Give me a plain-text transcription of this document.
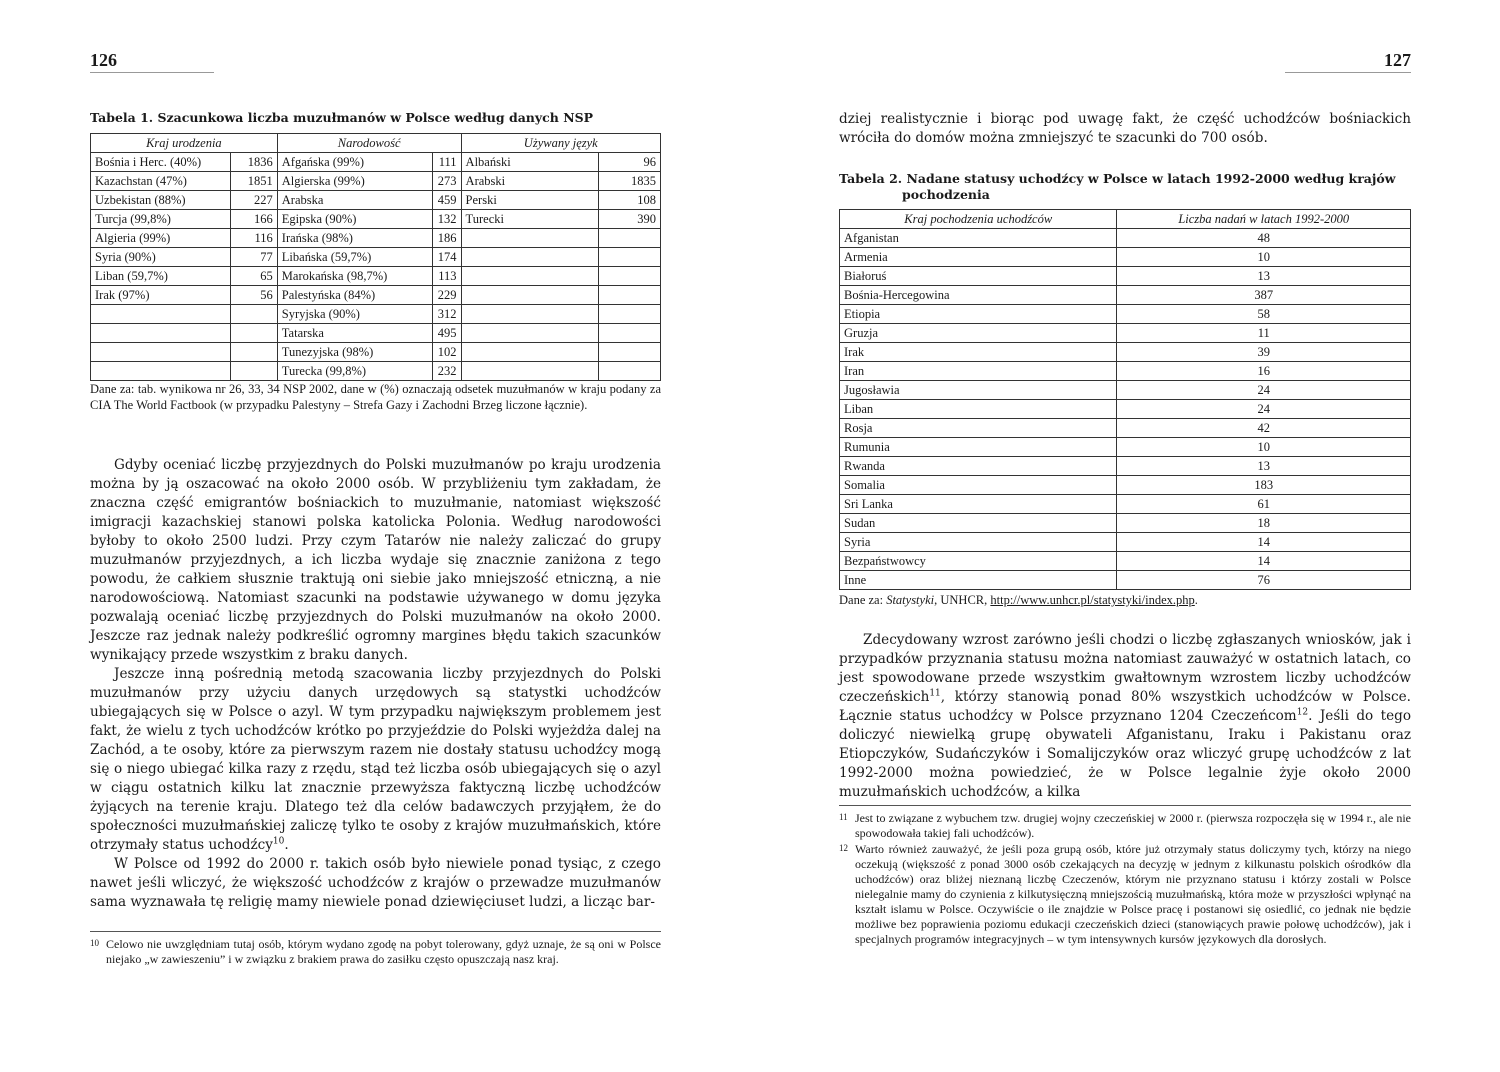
126
Tabela 1. Szacunkowa liczba muzułmanów w Polsce według danych NSP
Kraj urodzenia		Narodowość		Używany język	
Bośnia i Herc. (40%)	1836	Afgańska (99%)	111	Albański	96
Kazachstan (47%)	1851	Algierska (99%)	273	Arabski	1835
Uzbekistan (88%)	227	Arabska	459	Perski	108
Turcja (99,8%)	166	Egipska (90%)	132	Turecki	390
Algieria (99%)	116	Irańska (98%)	186		
Syria (90%)	77	Libańska (59,7%)	174		
Liban (59,7%)	65	Marokańska (98,7%)	113		
Irak (97%)	56	Palestyńska (84%)	229		
		Syryjska (90%)	312		
		Tatarska	495		
		Tunezyjska (98%)	102		
		Turecka (99,8%)	232		
Dane za: tab. wynikowa nr 26, 33, 34 NSP 2002, dane w (%) oznaczają odsetek muzułmanów w kraju podany za CIA The World Factbook (w przypadku Palestyny – Strefa Gazy i Zachodni Brzeg liczone łącznie).

Gdyby oceniać liczbę przyjezdnych do Polski muzułmanów po kraju urodzenia można by ją oszacować na około 2000 osób. W przybliżeniu tym zakładam, że znaczna część emigrantów bośniackich to muzułmanie, natomiast większość imigracji kazachskiej stanowi polska katolicka Polonia. Według narodowości byłoby to około 2500 ludzi. Przy czym Tatarów nie należy zaliczać do grupy muzułmanów przyjezdnych, a ich liczba wydaje się znacznie zaniżona z tego powodu, że całkiem słusznie traktują oni siebie jako mniejszość etniczną, a nie narodowościową. Natomiast szacunki na podstawie używanego w domu języka pozwalają oceniać liczbę przyjezdnych do Polski muzułmanów na około 2000. Jeszcze raz jednak należy podkreślić ogromny margines błędu takich szacunków wynikający przede wszystkim z braku danych.

Jeszcze inną pośrednią metodą szacowania liczby przyjezdnych do Polski muzułmanów przy użyciu danych urzędowych są statystki uchodźców ubiegających się w Polsce o azyl. W tym przypadku największym problemem jest fakt, że wielu z tych uchodźców krótko po przyjeździe do Polski wyjeżdża dalej na Zachód, a te osoby, które za pierwszym razem nie dostały statusu uchodźcy mogą się o niego ubiegać kilka razy z rzędu, stąd też liczba osób ubiegających się o azyl w ciągu ostatnich kilku lat znacznie przewyższa faktyczną liczbę uchodźców żyjących na terenie kraju. Dlatego też dla celów badawczych przyjąłem, że do społeczności muzułmańskiej zaliczę tylko te osoby z krajów muzułmańskich, które otrzymały status uchodźcy$^{10}$.

W Polsce od 1992 do 2000 r. takich osób było niewiele ponad tysiąc, z czego nawet jeśli wliczyć, że większość uchodźców z krajów o przewadze muzułmanów sama wyznawała tę religię mamy niewiele ponad dziewięciuset ludzi, a licząc bar-

10 Celowo nie uwzględniam tutaj osób, którym wydano zgodę na pobyt tolerowany, gdyż uznaje, że są oni w Polsce niejako „w zawieszeniu” i w związku z brakiem prawa do zasiłku często opuszczają nasz kraj.
127

dziej realistycznie i biorąc pod uwagę fakt, że część uchodźców bośniackich wróciła do domów można zmniejszyć te szacunki do 700 osób.

Tabela 2. Nadane statusy uchodźcy w Polsce w latach 1992-2000 według krajów
pochodzenia
Kraj pochodzenia uchodźców	Liczba nadań w latach 1992-2000
Afganistan	48
Armenia	10
Białoruś	13
Bośnia-Hercegowina	387
Etiopia	58
Gruzja	11
Irak	39
Iran	16
Jugosławia	24
Liban	24
Rosja	42
Rumunia	10
Rwanda	13
Somalia	183
Sri Lanka	61
Sudan	18
Syria	14
Bezpaństwowcy	14
Inne	76
Dane za: Statystyki, UNHCR, http://www.unhcr.pl/statystyki/index.php.

Zdecydowany wzrost zarówno jeśli chodzi o liczbę zgłaszanych wniosków, jak i przypadków przyznania statusu można natomiast zauważyć w ostatnich latach, co jest spowodowane przede wszystkim gwałtownym wzrostem liczby uchodźców czeczeńskich$^{11}$, którzy stanowią ponad 80% wszystkich uchodźców w Polsce. Łącznie status uchodźcy w Polsce przyznano 1204 Czeczeńcom$^{12}$. Jeśli do tego doliczyć niewielką grupę obywateli Afganistanu, Iraku i Pakistanu oraz Etiopczyków, Sudańczyków i Somalijczyków oraz wliczyć grupę uchodźców z lat 1992-2000 można powiedzieć, że w Polsce legalnie żyje około 2000 muzułmańskich uchodźców, a kilka

11 Jest to związane z wybuchem tzw. drugiej wojny czeczeńskiej w 2000 r. (pierwsza rozpoczęła się w 1994 r., ale nie spowodowała takiej fali uchodźców).
12 Warto również zauważyć, że jeśli poza grupą osób, które już otrzymały status doliczymy tych, którzy na niego oczekują (większość z ponad 3000 osób czekających na decyzję w jednym z kilkunastu polskich ośrodków dla uchodźców) oraz bliżej nieznaną liczbę Czeczenów, którym nie przyznano statusu i którzy zostali w Polsce nielegalnie mamy do czynienia z kilkutysięczną mniejszością muzułmańską, która może w przyszłości wpłynąć na kształt islamu w Polsce. Oczywiście o ile znajdzie w Polsce pracę i postanowi się osiedlić, co jednak nie będzie możliwe bez poprawienia poziomu edukacji czeczeńskich dzieci (stanowiących prawie połowę uchodźców), jak i specjalnych programów integracyjnych – w tym intensywnych kursów językowych dla dorosłych.
